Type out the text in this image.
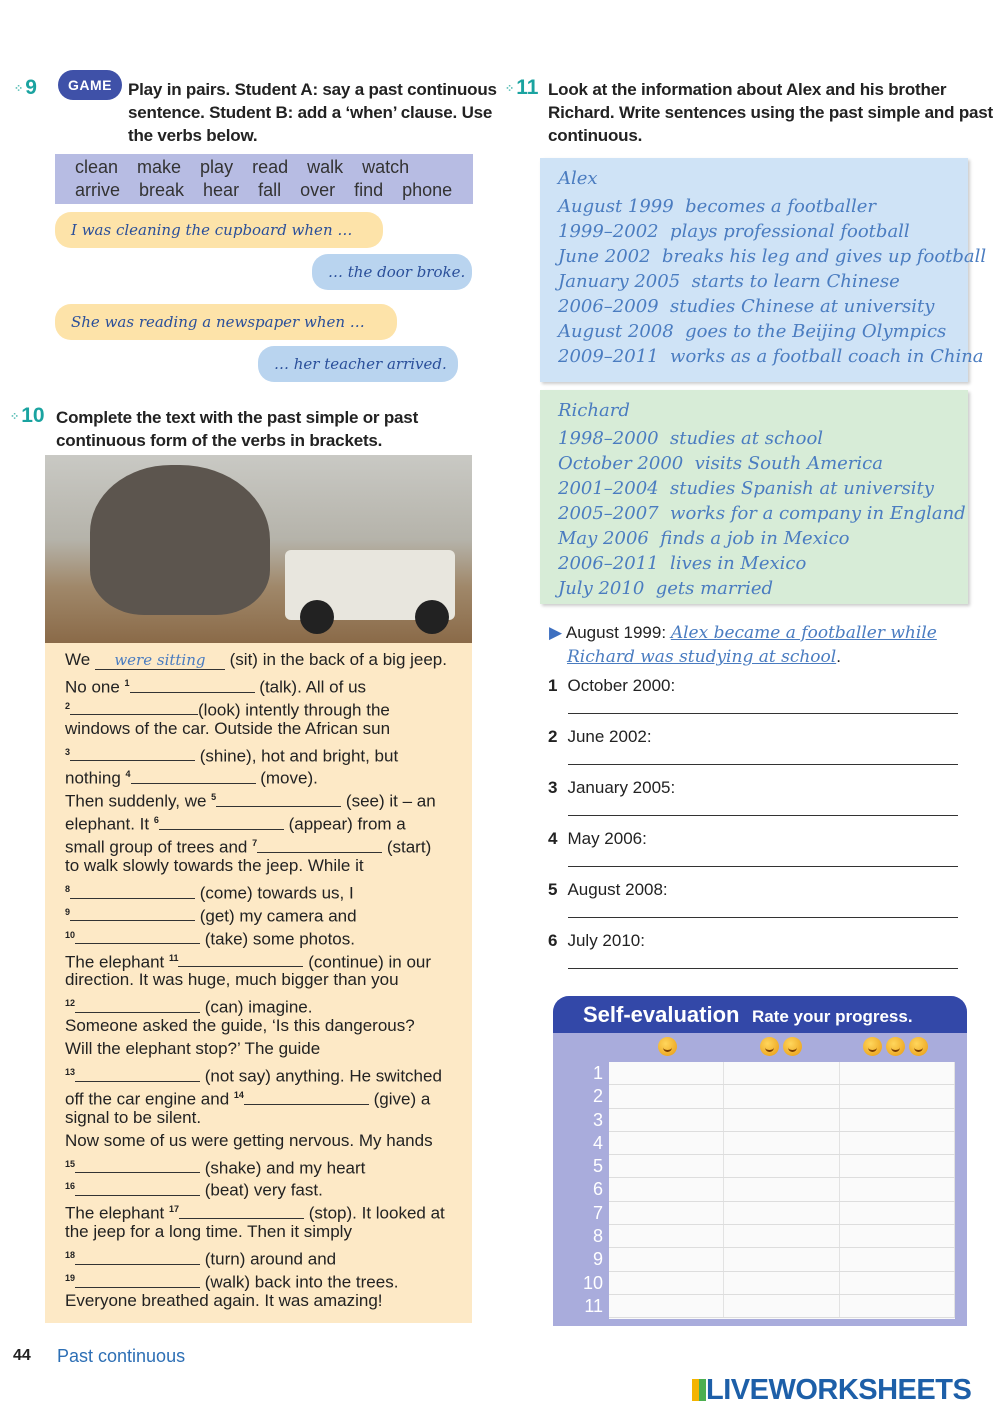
⁘9	GAME Play in pairs. Student A: say a past continuous sentence. Student B: add a ‘when’ clause. Use the verbs below.
clean make play read walk watch
arrive break hear fall over find phone
I was cleaning the cupboard when …
… the door broke.
She was reading a newspaper when …
… her teacher arrived.
⁘10 Complete the text with the past simple or past continuous form of the verbs in brackets.
We were sitting (sit) in the back of a big jeep.
No one $^1$	(talk). All of us
$^2$	(look) intently through the
windows of the car. Outside the African sun
$^3$	(shine), hot and bright, but
nothing $^4$	(move).
Then suddenly, we $^5$	(see) it – an
elephant. It $^6$	(appear) from a
small group of trees and $^7$	(start)
to walk slowly towards the jeep. While it
$^8$	(come) towards us, I
$^9$	(get) my camera and
$^{10}$	(take) some photos.
The elephant $^{11}$	(continue) in our
direction. It was huge, much bigger than you
$^{12}$	(can) imagine.
Someone asked the guide, ‘Is this dangerous?
Will the elephant stop?’ The guide
$^{13}$	(not say) anything. He switched
off the car engine and $^{14}$	(give) a
signal to be silent.
Now some of us were getting nervous. My hands
$^{15}$	(shake) and my heart
$^{16}$	(beat) very fast.
The elephant $^{17}$	(stop). It looked at
the jeep for a long time. Then it simply
$^{18}$	(turn) around and
$^{19}$	(walk) back into the trees.
Everyone breathed again. It was amazing!
⁘11 Look at the information about Alex and his brother Richard. Write sentences using the past simple and past continuous.
Alex
August 1999  becomes a footballer
1999–2002  plays professional football
June 2002  breaks his leg and gives up football
January 2005  starts to learn Chinese
2006–2009  studies Chinese at university
August 2008  goes to the Beijing Olympics
2009–2011  works as a football coach in China
Richard
1998–2000  studies at school
October 2000  visits South America
2001–2004  studies Spanish at university
2005–2007  works for a company in England
May 2006  finds a job in Mexico
2006–2011  lives in Mexico
July 2010  gets married
▶ August 1999: Alex became a footballer while
Richard was studying at school.
1 October 2000:
2 June 2002:
3 January 2005:
4 May 2006:
5 August 2008:
6 July 2010:
Self-evaluation Rate your progress.
1
2
3
4
5
6
7
8
9
10
11
44 Past continuous
LIVEWORKSHEETS
